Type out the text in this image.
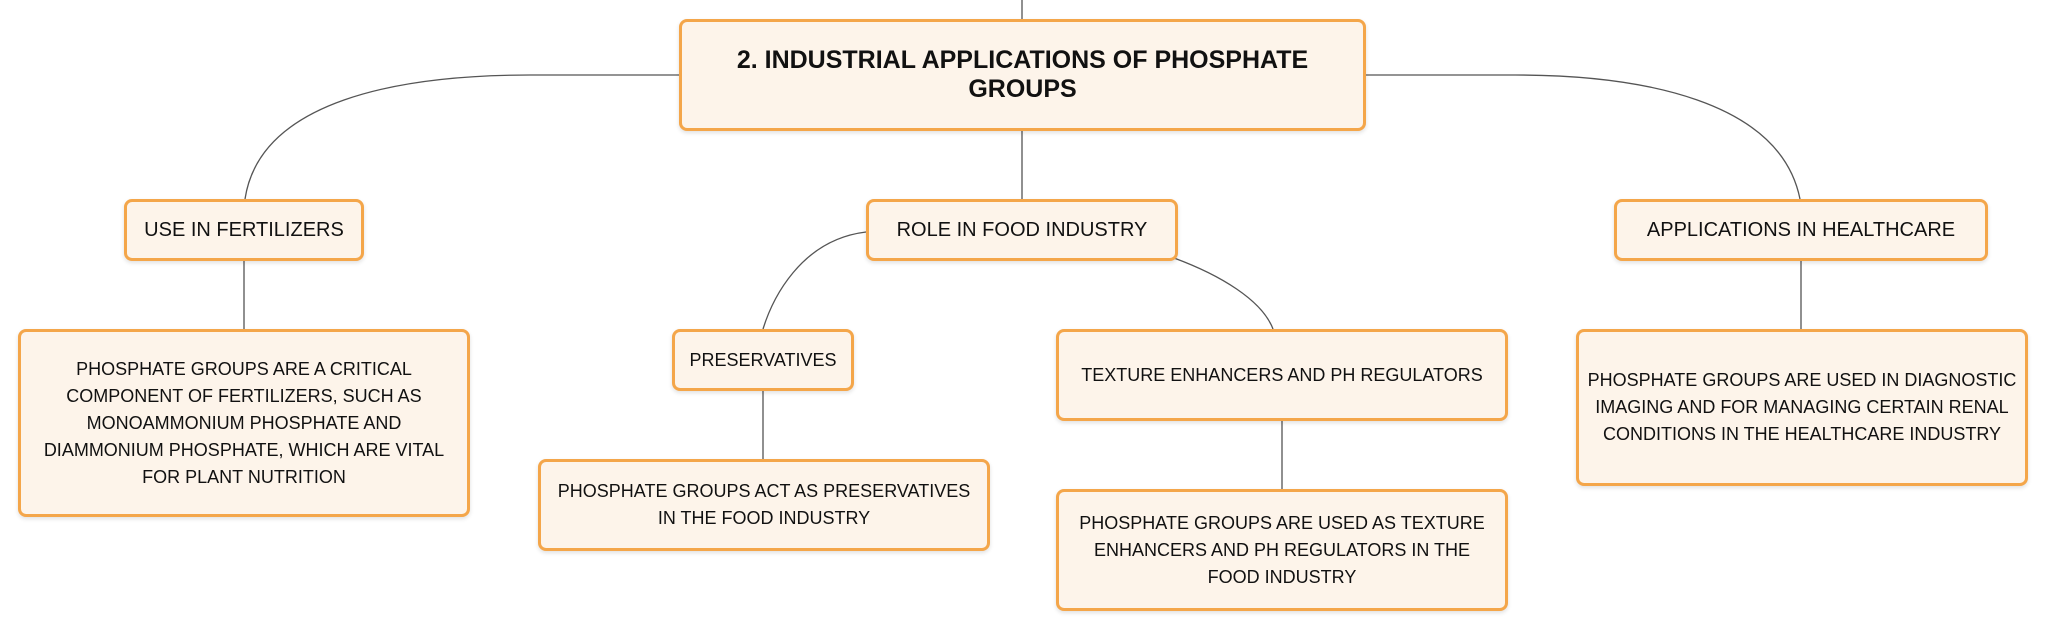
2. INDUSTRIAL APPLICATIONS OF PHOSPHATE GROUPS
USE IN FERTILIZERS	ROLE IN FOOD INDUSTRY	APPLICATIONS IN HEALTHCARE
PRESERVATIVES
TEXTURE ENHANCERS AND PH REGULATORS
PHOSPHATE GROUPS ARE A CRITICAL COMPONENT OF FERTILIZERS, SUCH AS MONOAMMONIUM PHOSPHATE AND DIAMMONIUM PHOSPHATE, WHICH ARE VITAL FOR PLANT NUTRITION
PHOSPHATE GROUPS ACT AS PRESERVATIVES IN THE FOOD INDUSTRY	PHOSPHATE GROUPS ARE USED AS TEXTURE ENHANCERS AND PH REGULATORS IN THE FOOD INDUSTRY
PHOSPHATE GROUPS ARE USED IN DIAGNOSTIC IMAGING AND FOR MANAGING CERTAIN RENAL CONDITIONS IN THE HEALTHCARE INDUSTRY
